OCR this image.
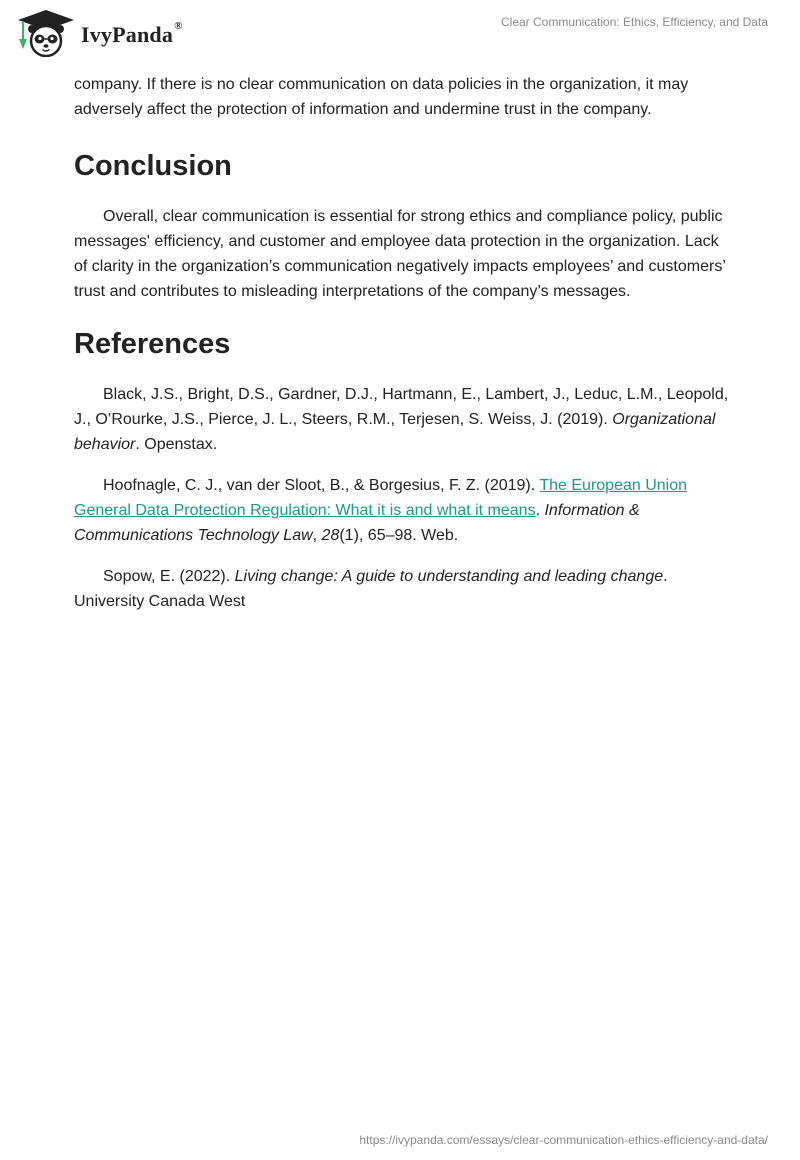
IvyPanda®	Clear Communication: Ethics, Efficiency, and Data

company. If there is no clear communication on data policies in the organization, it may adversely affect the protection of information and undermine trust in the company.

Conclusion

Overall, clear communication is essential for strong ethics and compliance policy, public messages' efficiency, and customer and employee data protection in the organization. Lack of clarity in the organization’s communication negatively impacts employees’ and customers’ trust and contributes to misleading interpretations of the company’s messages.

References

Black, J.S., Bright, D.S., Gardner, D.J., Hartmann, E., Lambert, J., Leduc, L.M., Leopold, J., O’Rourke, J.S., Pierce, J. L., Steers, R.M., Terjesen, S. Weiss, J. (2019). Organizational behavior. Openstax.

Hoofnagle, C. J., van der Sloot, B., & Borgesius, F. Z. (2019). The European Union General Data Protection Regulation: What it is and what it means. Information & Communications Technology Law, 28(1), 65–98. Web.

Sopow, E. (2022). Living change: A guide to understanding and leading change. University Canada West

https://ivypanda.com/essays/clear-communication-ethics-efficiency-and-data/
